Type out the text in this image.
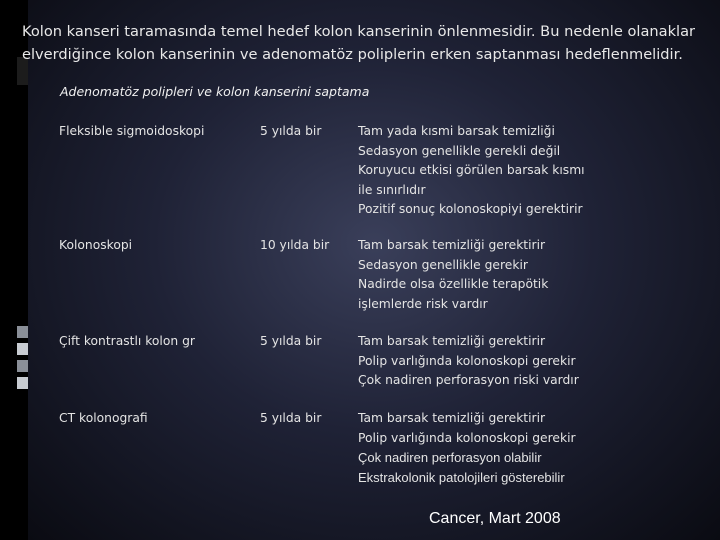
Kolon kanseri taramasında temel hedef kolon kanserinin önlenmesidir. Bu nedenle olanaklar
elverdiğince kolon kanserinin ve adenomatöz poliplerin erken saptanması hedeflenmelidir.
Adenomatöz polipleri ve kolon kanserini saptama
Fleksible sigmoidoskopi	5 yılda bir	Tam yada kısmi barsak temizliği
Sedasyon genellikle gerekli değil
Koruyucu etkisi görülen barsak kısmı
ile sınırlıdır
Pozitif sonuç kolonoskopiyi gerektirir
Kolonoskopi	10 yılda bir Tam barsak temizliği gerektirir
Sedasyon genellikle gerekir
Nadirde olsa özellikle terapötik
işlemlerde risk vardır
Çift kontrastlı kolon gr	5 yılda bir	Tam barsak temizliği gerektirir
Polip varlığında kolonoskopi gerekir
Çok nadiren perforasyon riski vardır
CT kolonografi	5 yılda bir	Tam barsak temizliği gerektirir
Polip varlığında kolonoskopi gerekir
Çok nadiren perforasyon olabilir
Ekstrakolonik patolojileri gösterebilir
Cancer, Mart 2008
